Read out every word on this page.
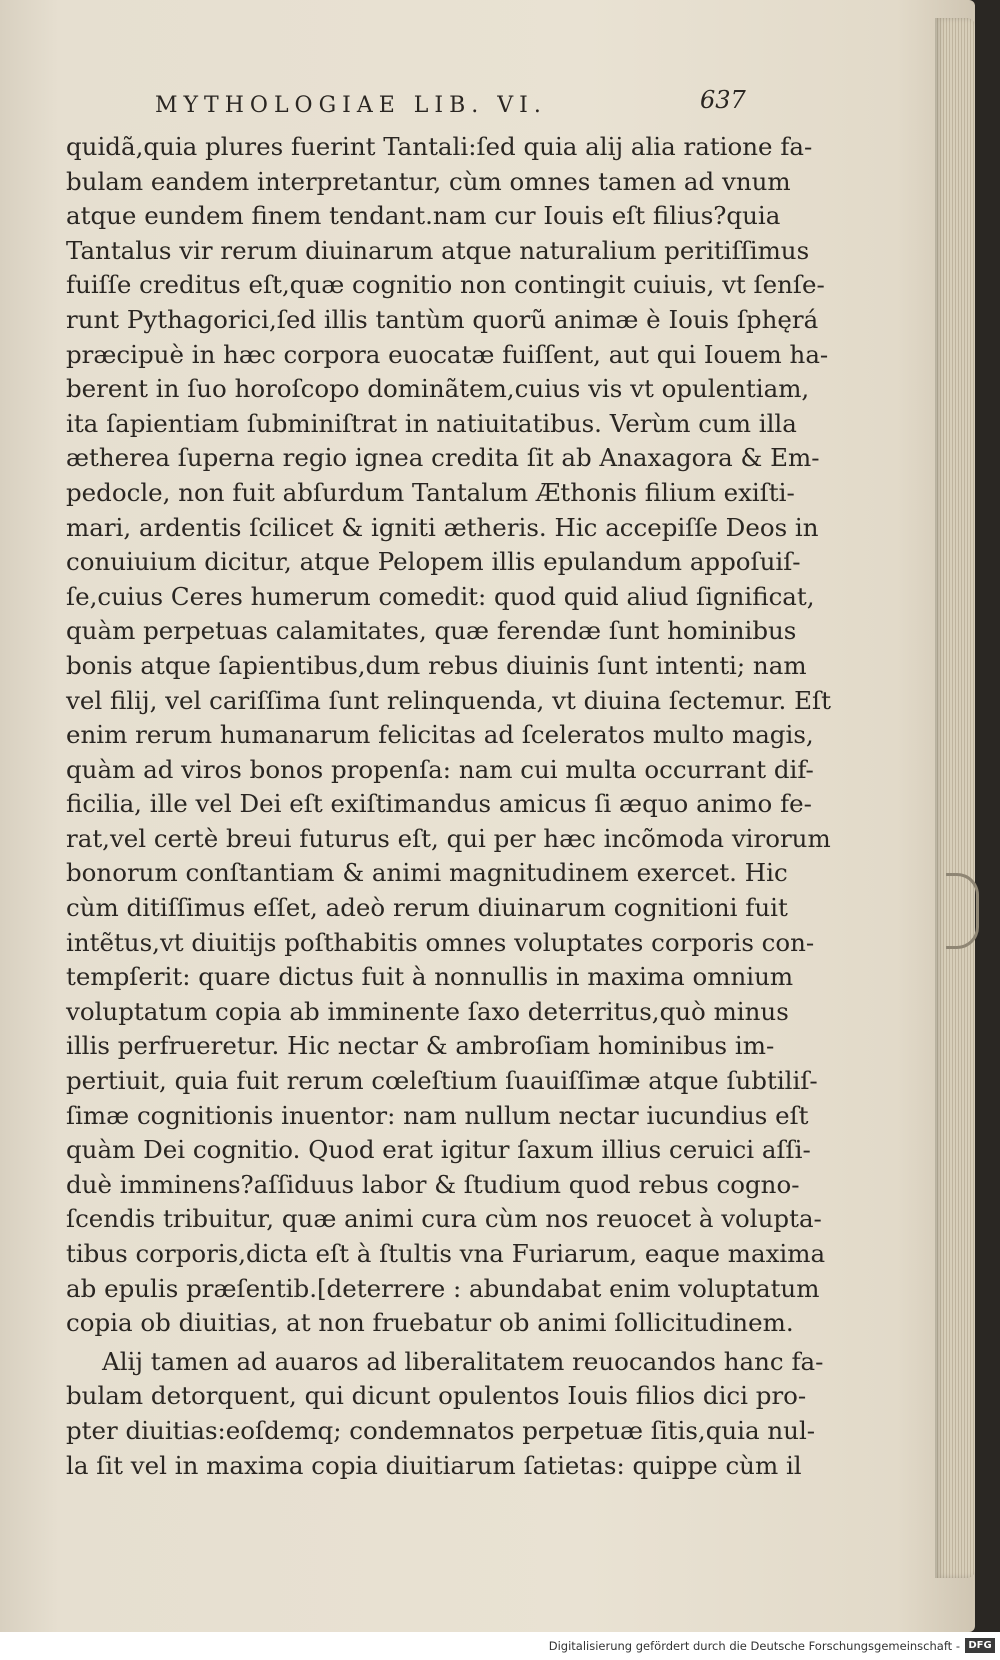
MYTHOLOGIAE LIB. VI.	637
quidã,quia plures fuerint Tantali:ſed quia alij alia ratione fa-
bulam eandem interpretantur, cùm omnes tamen ad vnum
atque eundem finem tendant.nam cur Iouis eſt filius?quia
Tantalus vir rerum diuinarum atque naturalium peritiſſimus
fuiſſe creditus eſt,quæ cognitio non contingit cuiuis, vt ſenſe-
runt Pythagorici,ſed illis tantùm quorũ animæ è Iouis ſphęrá
præcipuè in hæc corpora euocatæ fuiſſent, aut qui Iouem ha-
berent in ſuo horoſcopo dominãtem,cuius vis vt opulentiam,
ita ſapientiam ſubminiſtrat in natiuitatibus. Verùm cum illa
ætherea ſuperna regio ignea credita ſit ab Anaxagora & Em-
pedocle, non fuit abſurdum Tantalum Æthonis filium exiſti-
mari, ardentis ſcilicet & igniti ætheris. Hic accepiſſe Deos in
conuiuium dicitur, atque Pelopem illis epulandum appoſuiſ-
ſe,cuius Ceres humerum comedit: quod quid aliud ſignificat,
quàm perpetuas calamitates, quæ ferendæ ſunt hominibus
bonis atque ſapientibus,dum rebus diuinis ſunt intenti; nam
vel filij, vel cariſſima ſunt relinquenda, vt diuina ſectemur. Eſt
enim rerum humanarum felicitas ad ſceleratos multo magis,
quàm ad viros bonos propenſa: nam cui multa occurrant dif-
ficilia, ille vel Dei eſt exiſtimandus amicus ſi æquo animo fe-
rat,vel certè breui futurus eſt, qui per hæc incõmoda virorum
bonorum conſtantiam & animi magnitudinem exercet. Hic
cùm ditiſſimus eſſet, adeò rerum diuinarum cognitioni fuit
intẽtus,vt diuitijs poſthabitis omnes voluptates corporis con-
tempſerit: quare dictus fuit à nonnullis in maxima omnium
voluptatum copia ab imminente ſaxo deterritus,quò minus
illis perfrueretur. Hic nectar & ambroſiam hominibus im-
pertiuit, quia fuit rerum cœleſtium ſuauiſſimæ atque ſubtiliſ-
ſimæ cognitionis inuentor: nam nullum nectar iucundius eſt
quàm Dei cognitio. Quod erat igitur ſaxum illius ceruici aſſi-
duè imminens?aſſiduus labor & ſtudium quod rebus cogno-
ſcendis tribuitur, quæ animi cura cùm nos reuocet à volupta-
tibus corporis,dicta eſt à ſtultis vna Furiarum, eaque maxima
ab epulis præſentib.[deterrere : abundabat enim voluptatum
copia ob diuitias, at non fruebatur ob animi ſollicitudinem.
Alij tamen ad auaros ad liberalitatem reuocandos hanc fa-
bulam detorquent, qui dicunt opulentos Iouis filios dici pro-
pter diuitias:eoſdemq; condemnatos perpetuæ ſitis,quia nul-
la ſit vel in maxima copia diuitiarum ſatietas: quippe cùm il
Digitalisierung gefördert durch die Deutsche Forschungsgemeinschaft - DFG
